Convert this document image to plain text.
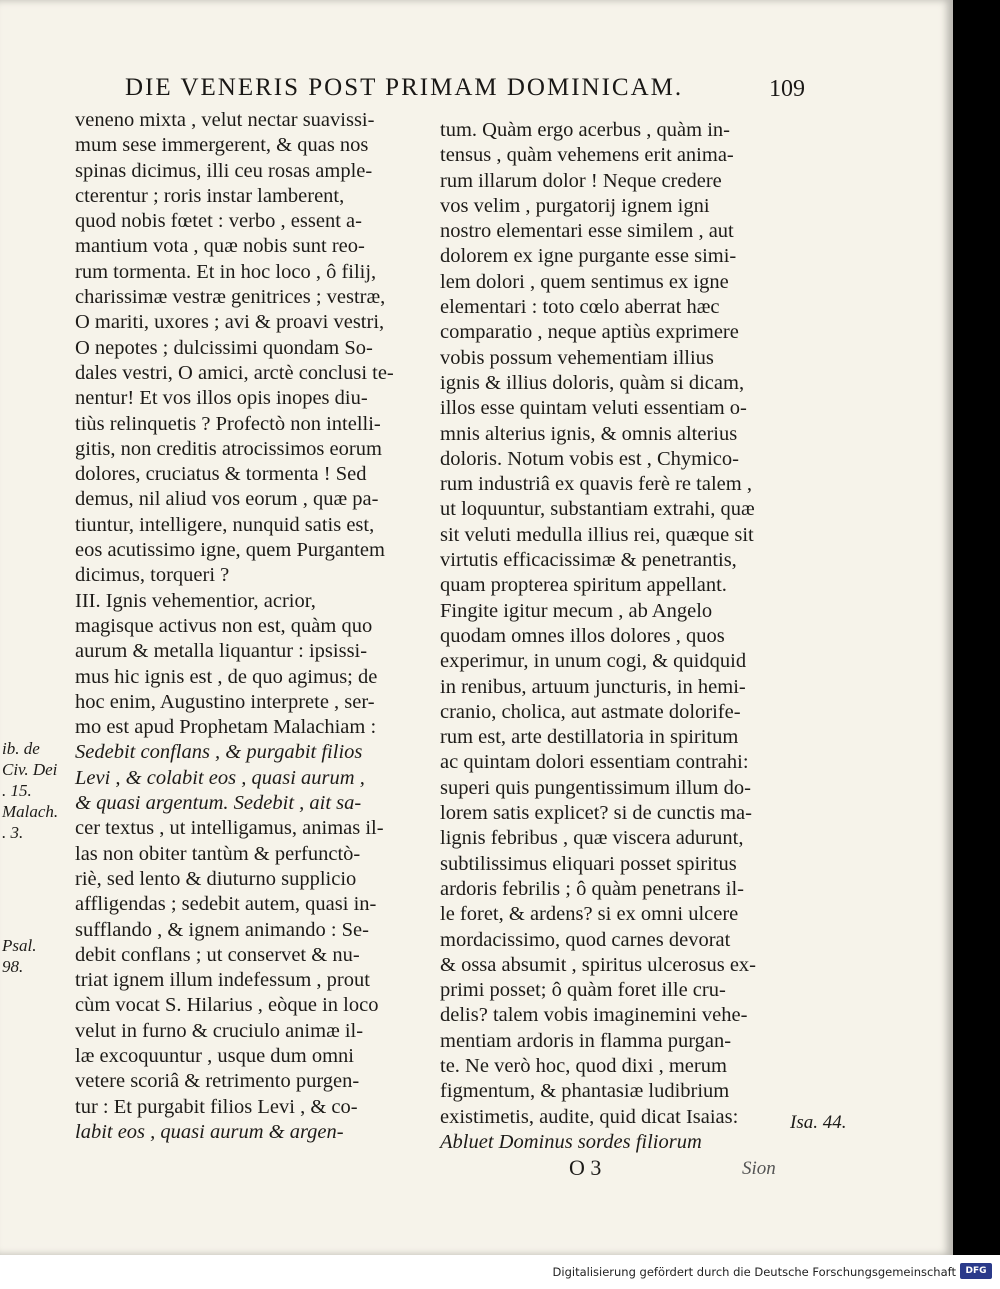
DIE VENERIS POST PRIMAM DOMINICAM.	109
veneno mixta , velut nectar suavissi-
mum sese immergerent, & quas nos
spinas dicimus, illi ceu rosas ample-
cterentur ; roris instar lamberent,
quod nobis fœtet : verbo , essent a-
mantium vota , quæ nobis sunt reo-
rum tormenta. Et in hoc loco , ô filij,
charissimæ vestræ genitrices ; vestræ,
O mariti, uxores ; avi & proavi vestri,
O nepotes ; dulcissimi quondam So-
dales vestri, O amici, arctè conclusi te-
nentur! Et vos illos opis inopes diu-
tiùs relinquetis ? Profectò non intelli-
gitis, non creditis atrocissimos eorum
dolores, cruciatus & tormenta ! Sed
demus, nil aliud vos eorum , quæ pa-
tiuntur, intelligere, nunquid satis est,
eos acutissimo igne, quem Purgantem
dicimus, torqueri ?
III. Ignis vehementior, acrior,
magisque activus non est, quàm quo
aurum & metalla liquantur : ipsissi-
mus hic ignis est , de quo agimus; de
hoc enim, Augustino interprete , ser-
mo est apud Prophetam Malachiam :
Sedebit conflans , & purgabit filios
Levi , & colabit eos , quasi aurum ,
& quasi argentum. Sedebit , ait sa-
cer textus , ut intelligamus, animas il-
las non obiter tantùm & perfunctò-
riè, sed lento & diuturno supplicio
affligendas ; sedebit autem, quasi in-
sufflando , & ignem animando : Se-
debit conflans ; ut conservet & nu-
triat ignem illum indefessum , prout
cùm vocat S. Hilarius , eòque in loco
velut in furno & cruciulo animæ il-
læ excoquuntur , usque dum omni
vetere scoriâ & retrimento purgen-
tur : Et purgabit filios Levi , & co-
labit eos , quasi aurum & argen-
tum. Quàm ergo acerbus , quàm in-
tensus , quàm vehemens erit anima-
rum illarum dolor ! Neque credere
vos velim , purgatorij ignem igni
nostro elementari esse similem , aut
dolorem ex igne purgante esse simi-
lem dolori , quem sentimus ex igne
elementari : toto cœlo aberrat hæc
comparatio , neque aptiùs exprimere
vobis possum vehementiam illius
ignis & illius doloris, quàm si dicam,
illos esse quintam veluti essentiam o-
mnis alterius ignis, & omnis alterius
doloris. Notum vobis est , Chymico-
rum industriâ ex quavis ferè re talem ,
ut loquuntur, substantiam extrahi, quæ
sit veluti medulla illius rei, quæque sit
virtutis efficacissimæ & penetrantis,
quam propterea spiritum appellant.
Fingite igitur mecum , ab Angelo
quodam omnes illos dolores , quos
experimur, in unum cogi, & quidquid
in renibus, artuum juncturis, in hemi-
cranio, cholica, aut astmate dolorife-
rum est, arte destillatoria in spiritum
ac quintam dolori essentiam contrahi:
superi quis pungentissimum illum do-
lorem satis explicet? si de cunctis ma-
lignis febribus , quæ viscera adurunt,
subtilissimus eliquari posset spiritus
ardoris febrilis ; ô quàm penetrans il-
le foret, & ardens? si ex omni ulcere
mordacissimo, quod carnes devorat
& ossa absumit , spiritus ulcerosus ex-
primi posset; ô quàm foret ille cru-
delis? talem vobis imaginemini vehe-
mentiam ardoris in flamma purgan-
te. Ne verò hoc, quod dixi , merum
figmentum, & phantasiæ ludibrium
existimetis, audite, quid dicat Isaias:
Abluet Dominus sordes filiorum
ib. de
Civ. Dei
. 15.
Malach.
. 3.
Psal.
98.
Isa. 44.
O 3	Sion
Digitalisierung gefördert durch die Deutsche Forschungsgemeinschaft	DFG
